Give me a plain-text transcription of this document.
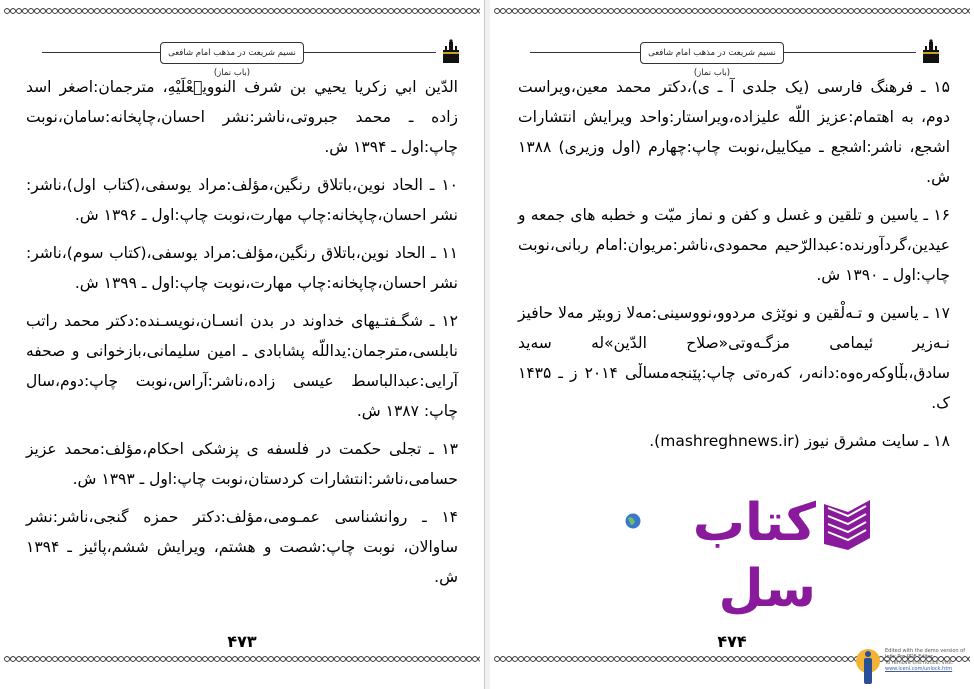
نسیم شریعت در مذهب امام شافعی (باب نماز)

الدّین ابي زکريا يحيي بن شرف النوويؙعْلَيْهِ، مترجمان:اصغر اسد زاده ـ محمد جبروتی،ناشر:نشر احسان،چاپخانه:سامان،نوبت چاپ:اول ـ ۱۳۹۴ ش.

۱۰ ـ الحاد نوین،باتلاق رنگین،مؤلف:مراد یوسفی،(کتاب اول)،ناشر: نشر احسان،چاپخانه:چاپ مهارت،نوبت چاپ:اول ـ ۱۳۹۶ ش.

۱۱ ـ الحاد نوین،باتلاق رنگین،مؤلف:مراد یوسفی،(کتاب سوم)،ناشر: نشر احسان،چاپخانه:چاپ مهارت،نوبت چاپ:اول ـ ۱۳۹۹ ش.

۱۲ ـ شگـفتـیهای خداوند در بدن انسـان،نویسـنده:دکتر محمد راتب نابلسی،مترجمان:یداللّه پشابادی ـ امین سلیمانی،بازخوانی و صحفه آرایی:عبدالباسط عیسی زاده،ناشر:آراس،نوبت چاپ:دوم،سال چاپ: ۱۳۸۷ ش.

۱۳ ـ تجلی حکمت در فلسفه ی پزشکی احکام،مؤلف:محمد عزیز حسامی،ناشر:انتشارات کردستان،نوبت چاپ:اول ـ ۱۳۹۳ ش.

۱۴ ـ روانشناسی عمـومی،مؤلف:دکتر حمزه گنجی،ناشر:نشر ساوالان، نوبت چاپ:شصت و هشتم، ویرایش ششم،پائیز ـ ۱۳۹۴ ش.

۴۷۳
نسیم شریعت در مذهب امام شافعی (باب نماز)

۱۵ ـ فرهنگ فارسی (یک جلدی آ ـ ی)،دکتر محمد معین،ویراست دوم، به اهتمام:عزیز اللّه علیزاده،ویراستار:واحد ویرایش انتشارات اشجع، ناشر:اشجع ـ میکاییل،نوبت چاپ:چهارم (اول وزیری) ۱۳۸۸ ش.

۱۶ ـ یاسین و تلقین و غسل و کفن و نماز میّت و خطبه های جمعه و عیدین،گردآورنده:عبدالرّحیم محمودی،ناشر:مریوان:امام ربانی،نوبت چاپ:اول ـ ۱۳۹۰ ش.

۱۷ ـ یاسین و تـەلْقین و نوێژی مردوو،نووسینی:مەلا زوبێر مەلا حافیز نـەزیر ئیمامی مزگـەوتی«صلاح الدّین»لە سەید سادق،بڵاوکەرەوە:دانەر، کەرەتی چاپ:پێنجەمساڵی ۲۰۱۴ ز ـ ۱۴۳۵ ک.

۱۸ ـ سایت مشرق نیوز (mashreghnews.ir).

کتاب سل
۴۷۴	Edited with the demo version of
Infix Pro PDF Editor
To remove this notice, visit:
www.iceni.com/unlock.htm
